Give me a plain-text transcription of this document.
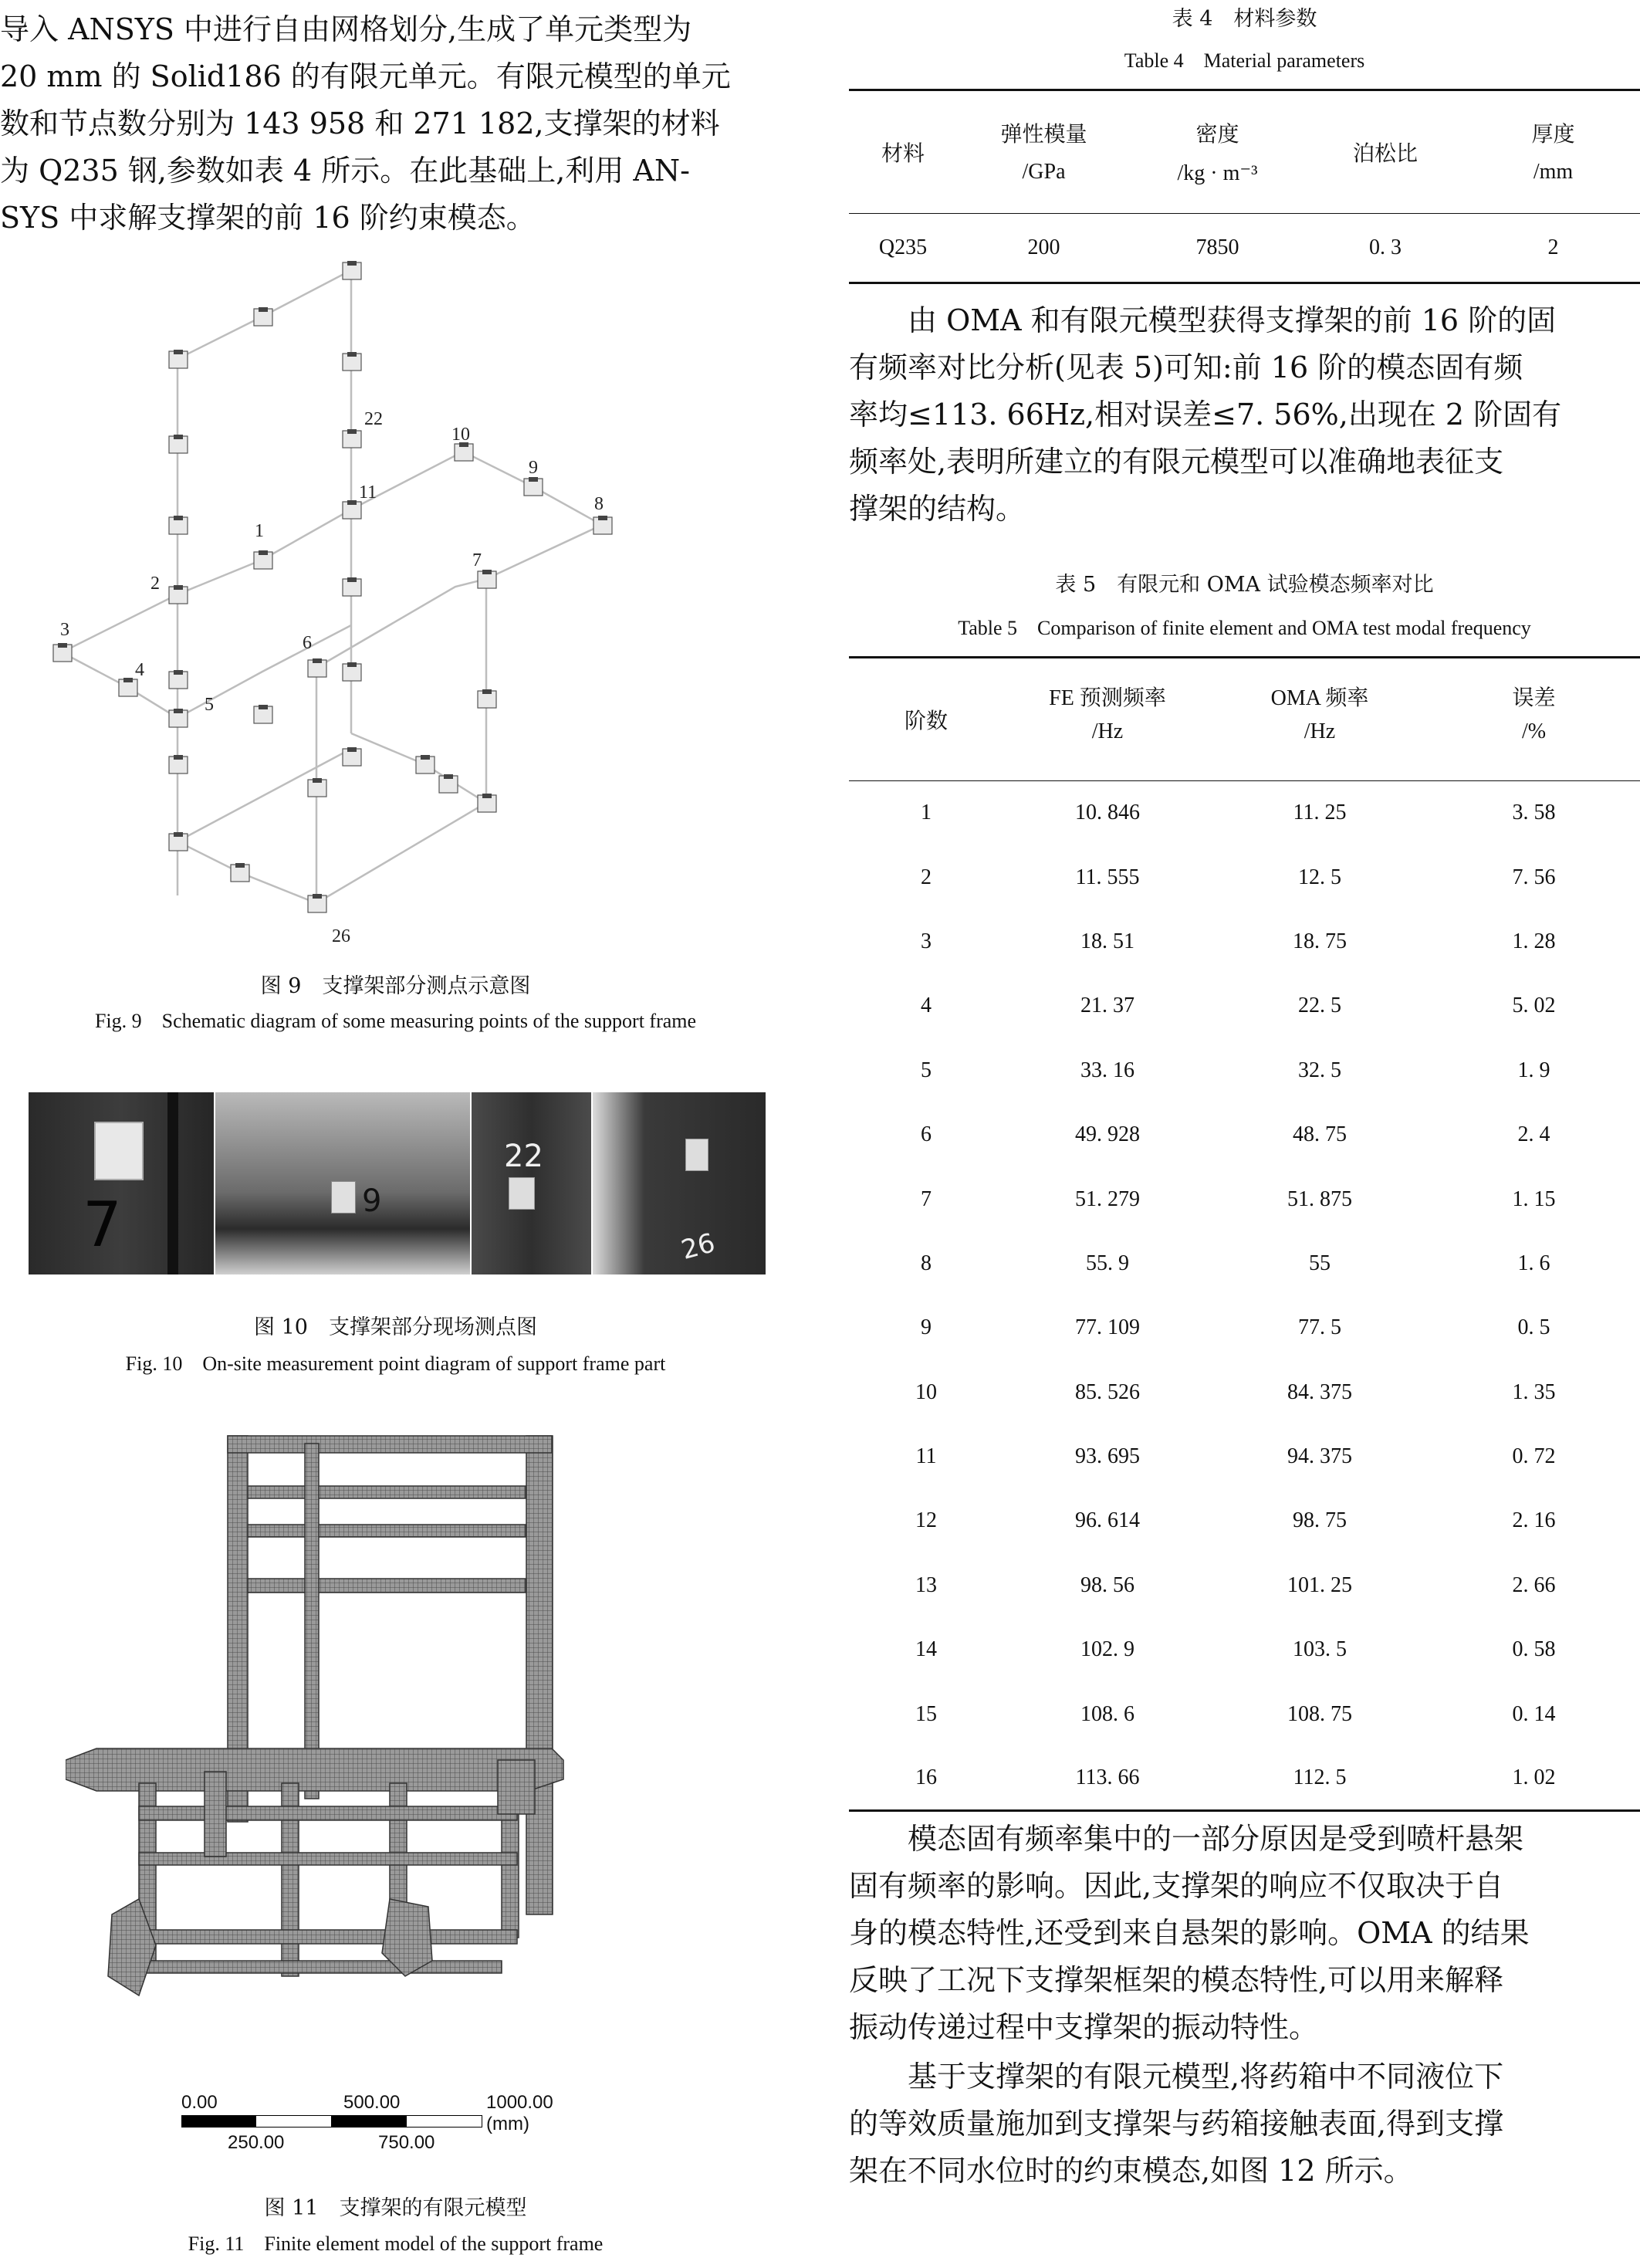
导入 ANSYS 中进行自由网格划分,生成了单元类型为

20 mm 的 Solid186 的有限元单元。有限元模型的单元

数和节点数分别为 143 958 和 271 182,支撑架的材料

为 Q235 钢,参数如表 4 所示。在此基础上,利用 AN-

SYS 中求解支撑架的前 16 阶约束模态。

1
2
3
4
5
6
7
8
9
10
11
22
26
图 9　支撑架部分测点示意图
Fig. 9　Schematic diagram of some measuring points of the support frame
7	9
22
26
图 10　支撑架部分现场测点图
Fig. 10　On-site measurement point diagram of support frame part
0.00	500.00	1000.00 (mm)
250.00	750.00
图 11　支撑架的有限元模型
Fig. 11　Finite element model of the support frame
表 4　材料参数
Table 4　Material parameters
材料	弹性模量	密度	泊松比	厚度
	/GPa	/kg · m⁻³		/mm
Q235	200	7850	0. 3	2

由 OMA 和有限元模型获得支撑架的前 16 阶的固

有频率对比分析(见表 5)可知:前 16 阶的模态固有频

率均≤113. 66Hz,相对误差≤7. 56%,出现在 2 阶固有

频率处,表明所建立的有限元模型可以准确地表征支

撑架的结构。

表 5　有限元和 OMA 试验模态频率对比
Table 5　Comparison of finite element and OMA test modal frequency
阶数	FE 预测频率	OMA 频率	误差
	/Hz	/Hz	/%
1	10. 846	11. 25	3. 58
2	11. 555	12. 5	7. 56
3	18. 51	18. 75	1. 28
4	21. 37	22. 5	5. 02
5	33. 16	32. 5	1. 9
6	49. 928	48. 75	2. 4
7	51. 279	51. 875	1. 15
8	55. 9	55	1. 6
9	77. 109	77. 5	0. 5
10	85. 526	84. 375	1. 35
11	93. 695	94. 375	0. 72
12	96. 614	98. 75	2. 16
13	98. 56	101. 25	2. 66
14	102. 9	103. 5	0. 58
15	108. 6	108. 75	0. 14
16	113. 66	112. 5	1. 02

模态固有频率集中的一部分原因是受到喷杆悬架

固有频率的影响。因此,支撑架的响应不仅取决于自

身的模态特性,还受到来自悬架的影响。OMA 的结果

反映了工况下支撑架框架的模态特性,可以用来解释

振动传递过程中支撑架的振动特性。

基于支撑架的有限元模型,将药箱中不同液位下

的等效质量施加到支撑架与药箱接触表面,得到支撑

架在不同水位时的约束模态,如图 12 所示。
